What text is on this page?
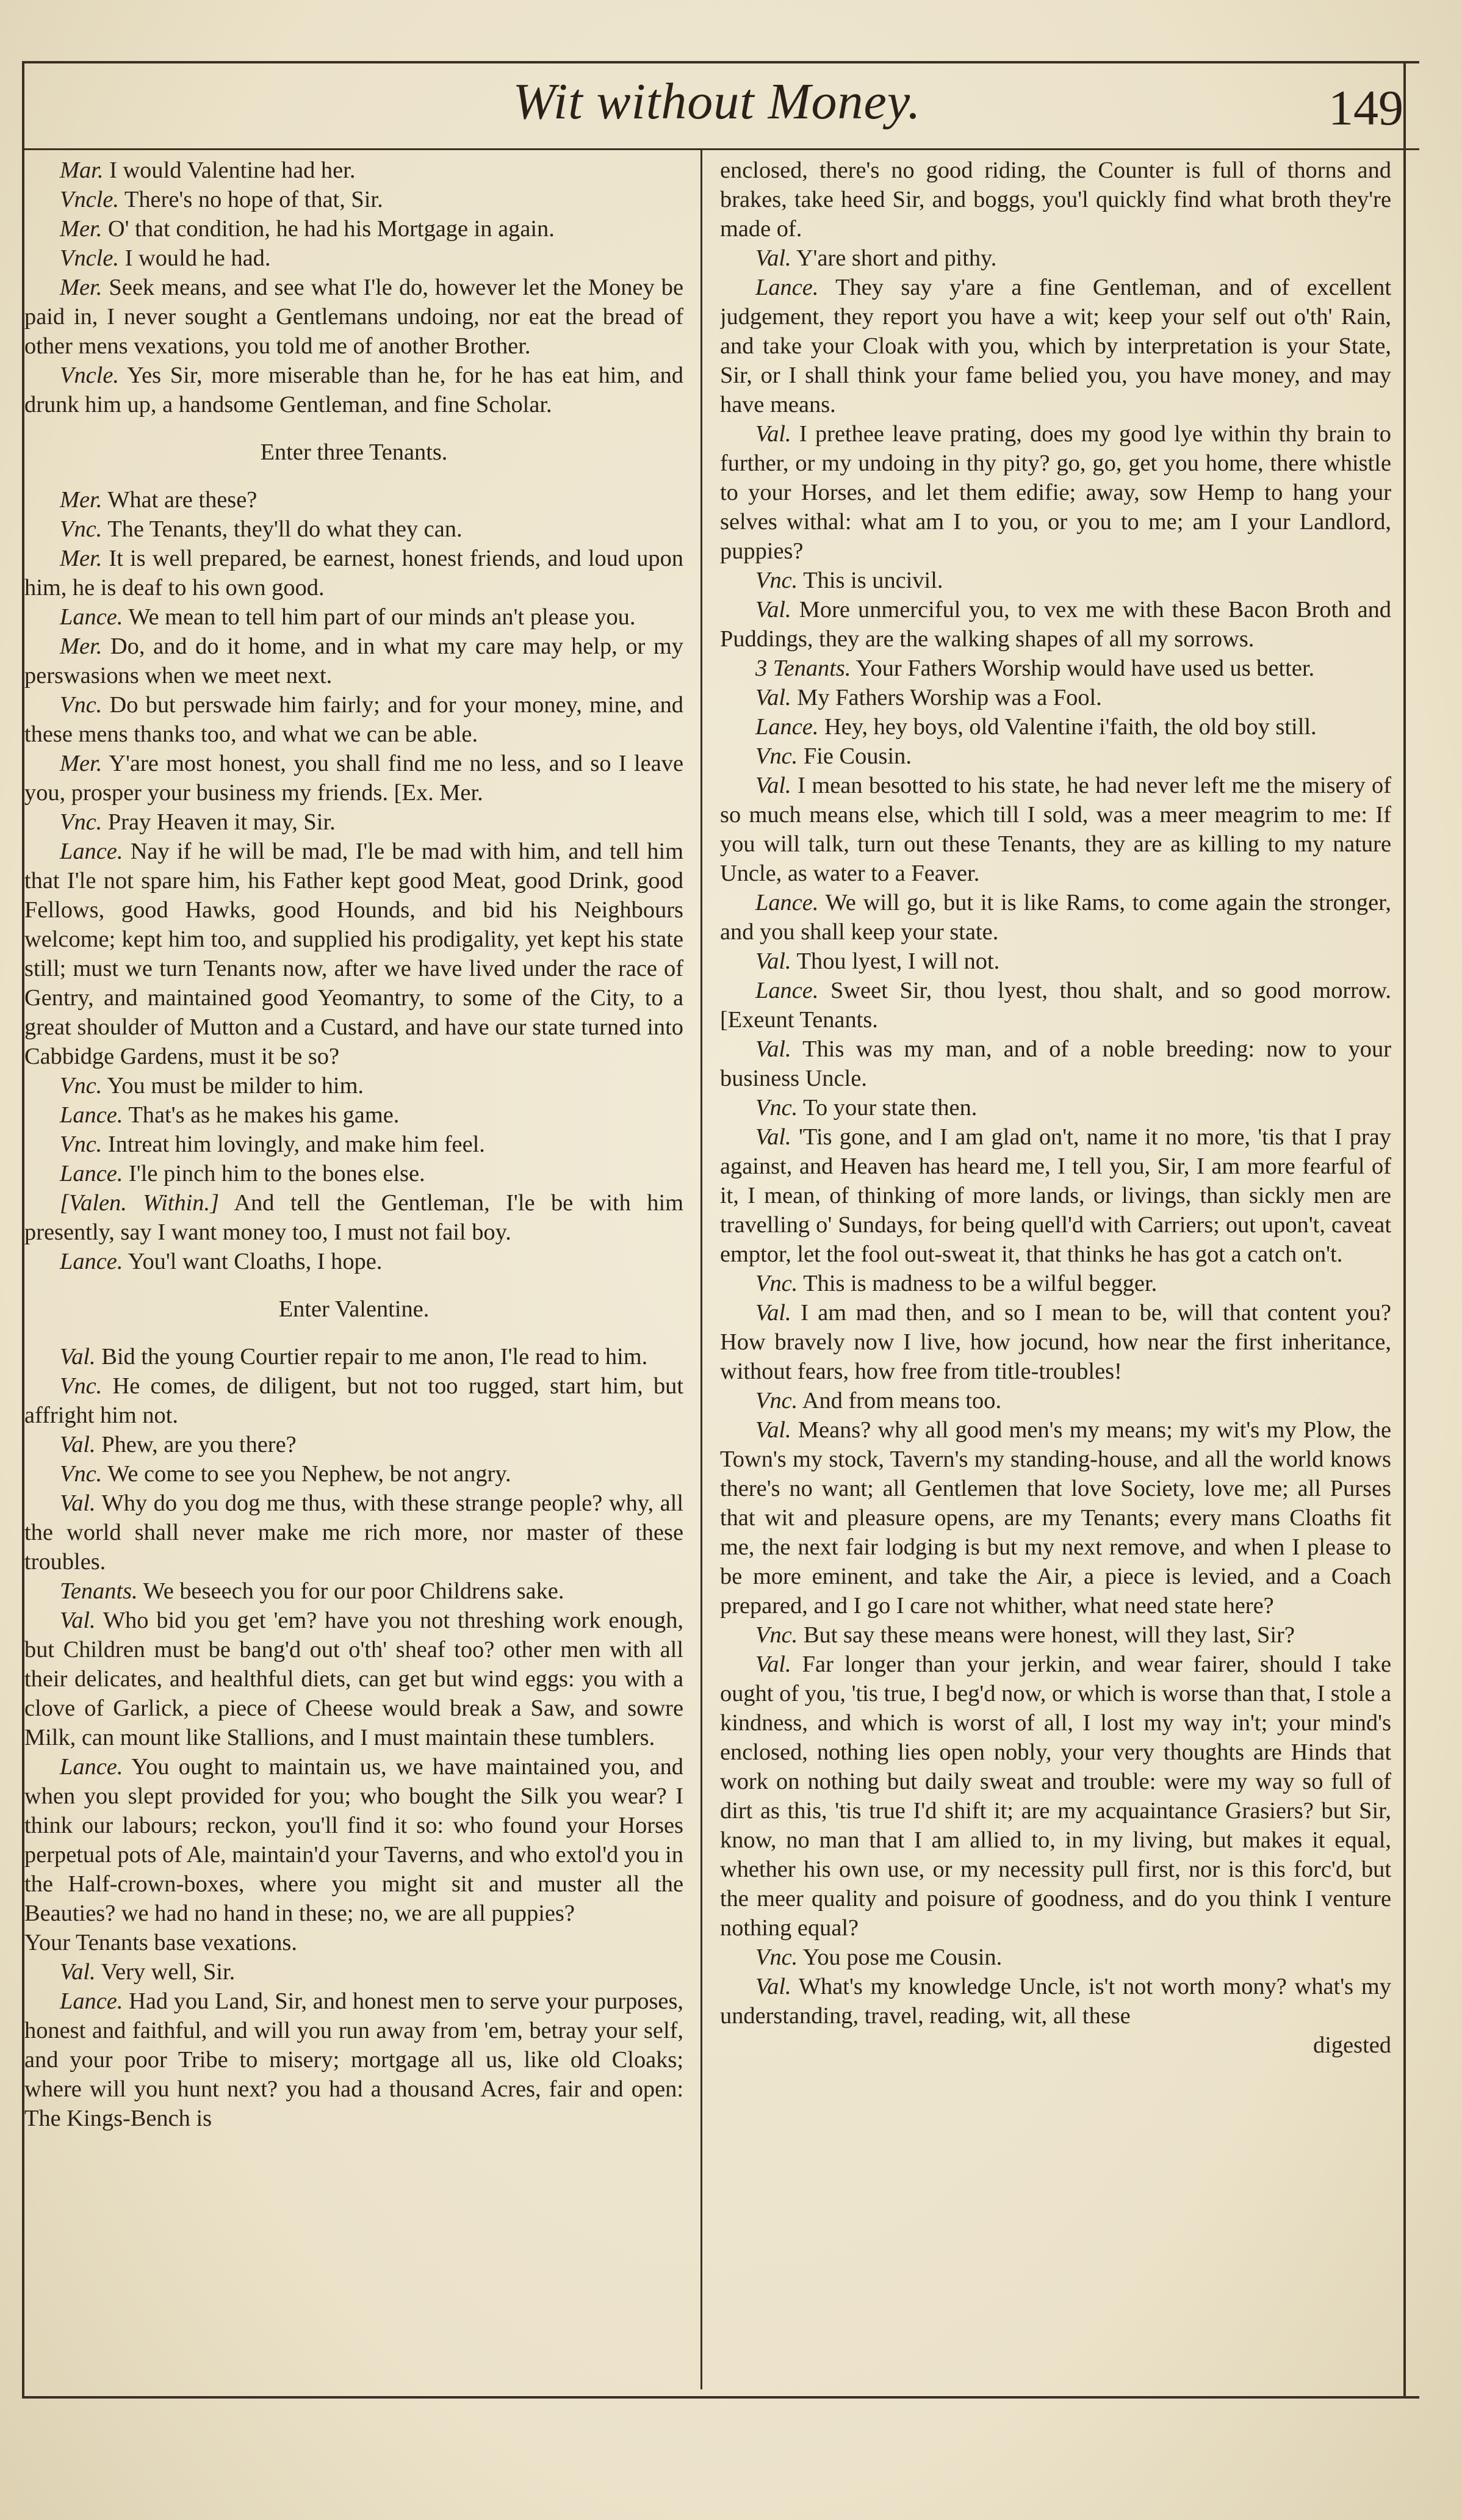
Wit without Money.	149

Mar. I would Valentine had her.

Vncle. There's no hope of that, Sir.

Mer. O' that condition, he had his Mortgage in again.

Vncle. I would he had.

Mer. Seek means, and see what I'le do, however let the Money be paid in, I never sought a Gentlemans undoing, nor eat the bread of other mens vexations, you told me of another Brother.

Vncle. Yes Sir, more miserable than he, for he has eat him, and drunk him up, a handsome Gentleman, and fine Scholar.

Enter three Tenants.

Mer. What are these?

Vnc. The Tenants, they'll do what they can.

Mer. It is well prepared, be earnest, honest friends, and loud upon him, he is deaf to his own good.

Lance. We mean to tell him part of our minds an't please you.

Mer. Do, and do it home, and in what my care may help, or my perswasions when we meet next.

Vnc. Do but perswade him fairly; and for your money, mine, and these mens thanks too, and what we can be able.

Mer. Y'are most honest, you shall find me no less, and so I leave you, prosper your business my friends. [Ex. Mer.

Vnc. Pray Heaven it may, Sir.

Lance. Nay if he will be mad, I'le be mad with him, and tell him that I'le not spare him, his Father kept good Meat, good Drink, good Fellows, good Hawks, good Hounds, and bid his Neighbours welcome; kept him too, and supplied his prodigality, yet kept his state still; must we turn Tenants now, after we have lived under the race of Gentry, and maintained good Yeomantry, to some of the City, to a great shoulder of Mutton and a Custard, and have our state turned into Cabbidge Gardens, must it be so?

Vnc. You must be milder to him.

Lance. That's as he makes his game.

Vnc. Intreat him lovingly, and make him feel.

Lance. I'le pinch him to the bones else.

[Valen. Within.] And tell the Gentleman, I'le be with him presently, say I want money too, I must not fail boy.

Lance. You'l want Cloaths, I hope.

Enter Valentine.

Val. Bid the young Courtier repair to me anon, I'le read to him.

Vnc. He comes, de diligent, but not too rugged, start him, but affright him not.

Val. Phew, are you there?

Vnc. We come to see you Nephew, be not angry.

Val. Why do you dog me thus, with these strange people? why, all the world shall never make me rich more, nor master of these troubles.

Tenants. We beseech you for our poor Childrens sake.

Val. Who bid you get 'em? have you not threshing work enough, but Children must be bang'd out o'th' sheaf too? other men with all their delicates, and healthful diets, can get but wind eggs: you with a clove of Garlick, a piece of Cheese would break a Saw, and sowre Milk, can mount like Stallions, and I must maintain these tumblers.

Lance. You ought to maintain us, we have maintained you, and when you slept provided for you; who bought the Silk you wear? I think our labours; reckon, you'll find it so: who found your Horses perpetual pots of Ale, maintain'd your Taverns, and who extol'd you in the Half-crown-boxes, where you might sit and muster all the Beauties? we had no hand in these; no, we are all puppies?

Your Tenants base vexations.

Val. Very well, Sir.

Lance. Had you Land, Sir, and honest men to serve your purposes, honest and faithful, and will you run away from 'em, betray your self, and your poor Tribe to misery; mortgage all us, like old Cloaks; where will you hunt next? you had a thousand Acres, fair and open: The Kings-Bench is

enclosed, there's no good riding, the Counter is full of thorns and brakes, take heed Sir, and boggs, you'l quickly find what broth they're made of.

Val. Y'are short and pithy.

Lance. They say y'are a fine Gentleman, and of excellent judgement, they report you have a wit; keep your self out o'th' Rain, and take your Cloak with you, which by interpretation is your State, Sir, or I shall think your fame belied you, you have money, and may have means.

Val. I prethee leave prating, does my good lye within thy brain to further, or my undoing in thy pity? go, go, get you home, there whistle to your Horses, and let them edifie; away, sow Hemp to hang your selves withal: what am I to you, or you to me; am I your Landlord, puppies?

Vnc. This is uncivil.

Val. More unmerciful you, to vex me with these Bacon Broth and Puddings, they are the walking shapes of all my sorrows.

3 Tenants. Your Fathers Worship would have used us better.

Val. My Fathers Worship was a Fool.

Lance. Hey, hey boys, old Valentine i'faith, the old boy still.

Vnc. Fie Cousin.

Val. I mean besotted to his state, he had never left me the misery of so much means else, which till I sold, was a meer meagrim to me: If you will talk, turn out these Tenants, they are as killing to my nature Uncle, as water to a Feaver.

Lance. We will go, but it is like Rams, to come again the stronger, and you shall keep your state.

Val. Thou lyest, I will not.

Lance. Sweet Sir, thou lyest, thou shalt, and so good morrow. [Exeunt Tenants.

Val. This was my man, and of a noble breeding: now to your business Uncle.

Vnc. To your state then.

Val. 'Tis gone, and I am glad on't, name it no more, 'tis that I pray against, and Heaven has heard me, I tell you, Sir, I am more fearful of it, I mean, of thinking of more lands, or livings, than sickly men are travelling o' Sundays, for being quell'd with Carriers; out upon't, caveat emptor, let the fool out-sweat it, that thinks he has got a catch on't.

Vnc. This is madness to be a wilful begger.

Val. I am mad then, and so I mean to be, will that content you? How bravely now I live, how jocund, how near the first inheritance, without fears, how free from title-troubles!

Vnc. And from means too.

Val. Means? why all good men's my means; my wit's my Plow, the Town's my stock, Tavern's my standing-house, and all the world knows there's no want; all Gentlemen that love Society, love me; all Purses that wit and pleasure opens, are my Tenants; every mans Cloaths fit me, the next fair lodging is but my next remove, and when I please to be more eminent, and take the Air, a piece is levied, and a Coach prepared, and I go I care not whither, what need state here?

Vnc. But say these means were honest, will they last, Sir?

Val. Far longer than your jerkin, and wear fairer, should I take ought of you, 'tis true, I beg'd now, or which is worse than that, I stole a kindness, and which is worst of all, I lost my way in't; your mind's enclosed, nothing lies open nobly, your very thoughts are Hinds that work on nothing but daily sweat and trouble: were my way so full of dirt as this, 'tis true I'd shift it; are my acquaintance Grasiers? but Sir, know, no man that I am allied to, in my living, but makes it equal, whether his own use, or my necessity pull first, nor is this forc'd, but the meer quality and poisure of goodness, and do you think I venture nothing equal?

Vnc. You pose me Cousin.

Val. What's my knowledge Uncle, is't not worth mony? what's my understanding, travel, reading, wit, all these

digested
